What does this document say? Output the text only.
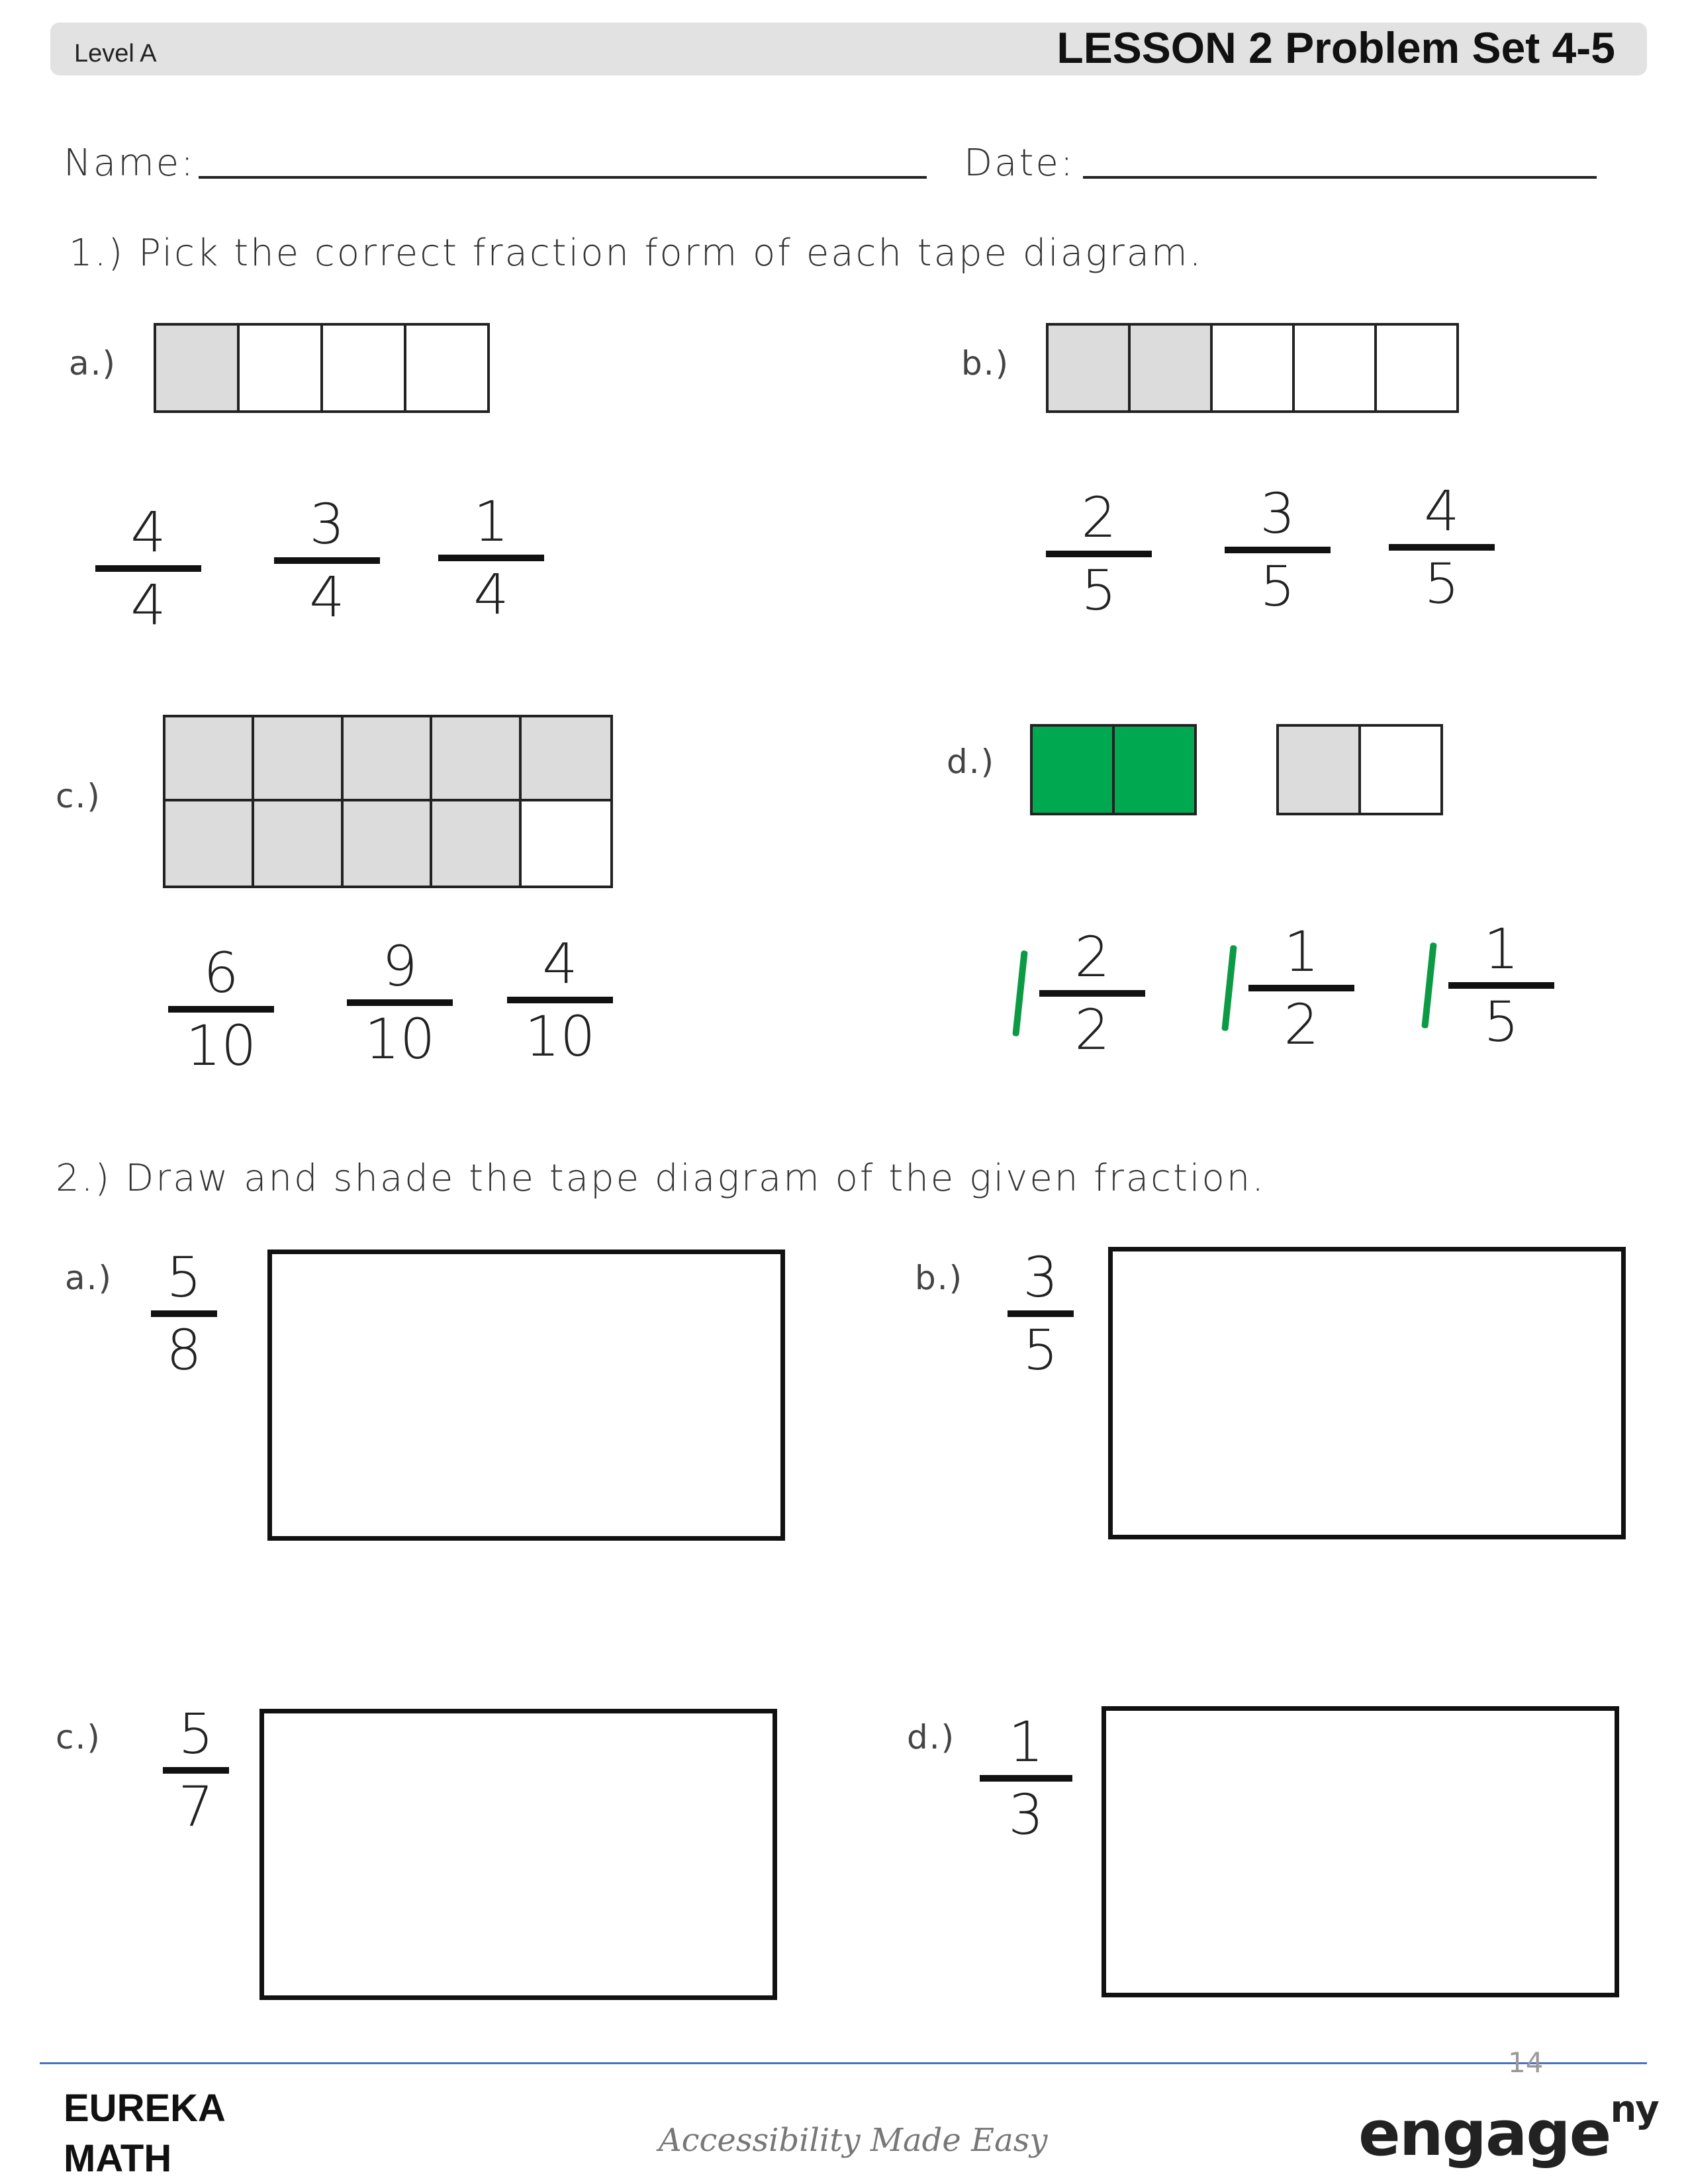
Level A	LESSON 2 Problem Set 4-5
Name:	Date:
1.) Pick the correct fraction form of each tape diagram.
a.)
4
4
3
4
1
4
b.)
2
5
3
5
4
5
c.)
6
10
9
10
4
10
d.)
2
2
1
2
1
5
2.) Draw and shade the tape diagram of the given fraction.
a.) 5
8
b.) 3
5
c.) 5
7
d.) 1
3
14
EUREKA
MATH	Accessibility Made Easy	engage$^{ny}$
